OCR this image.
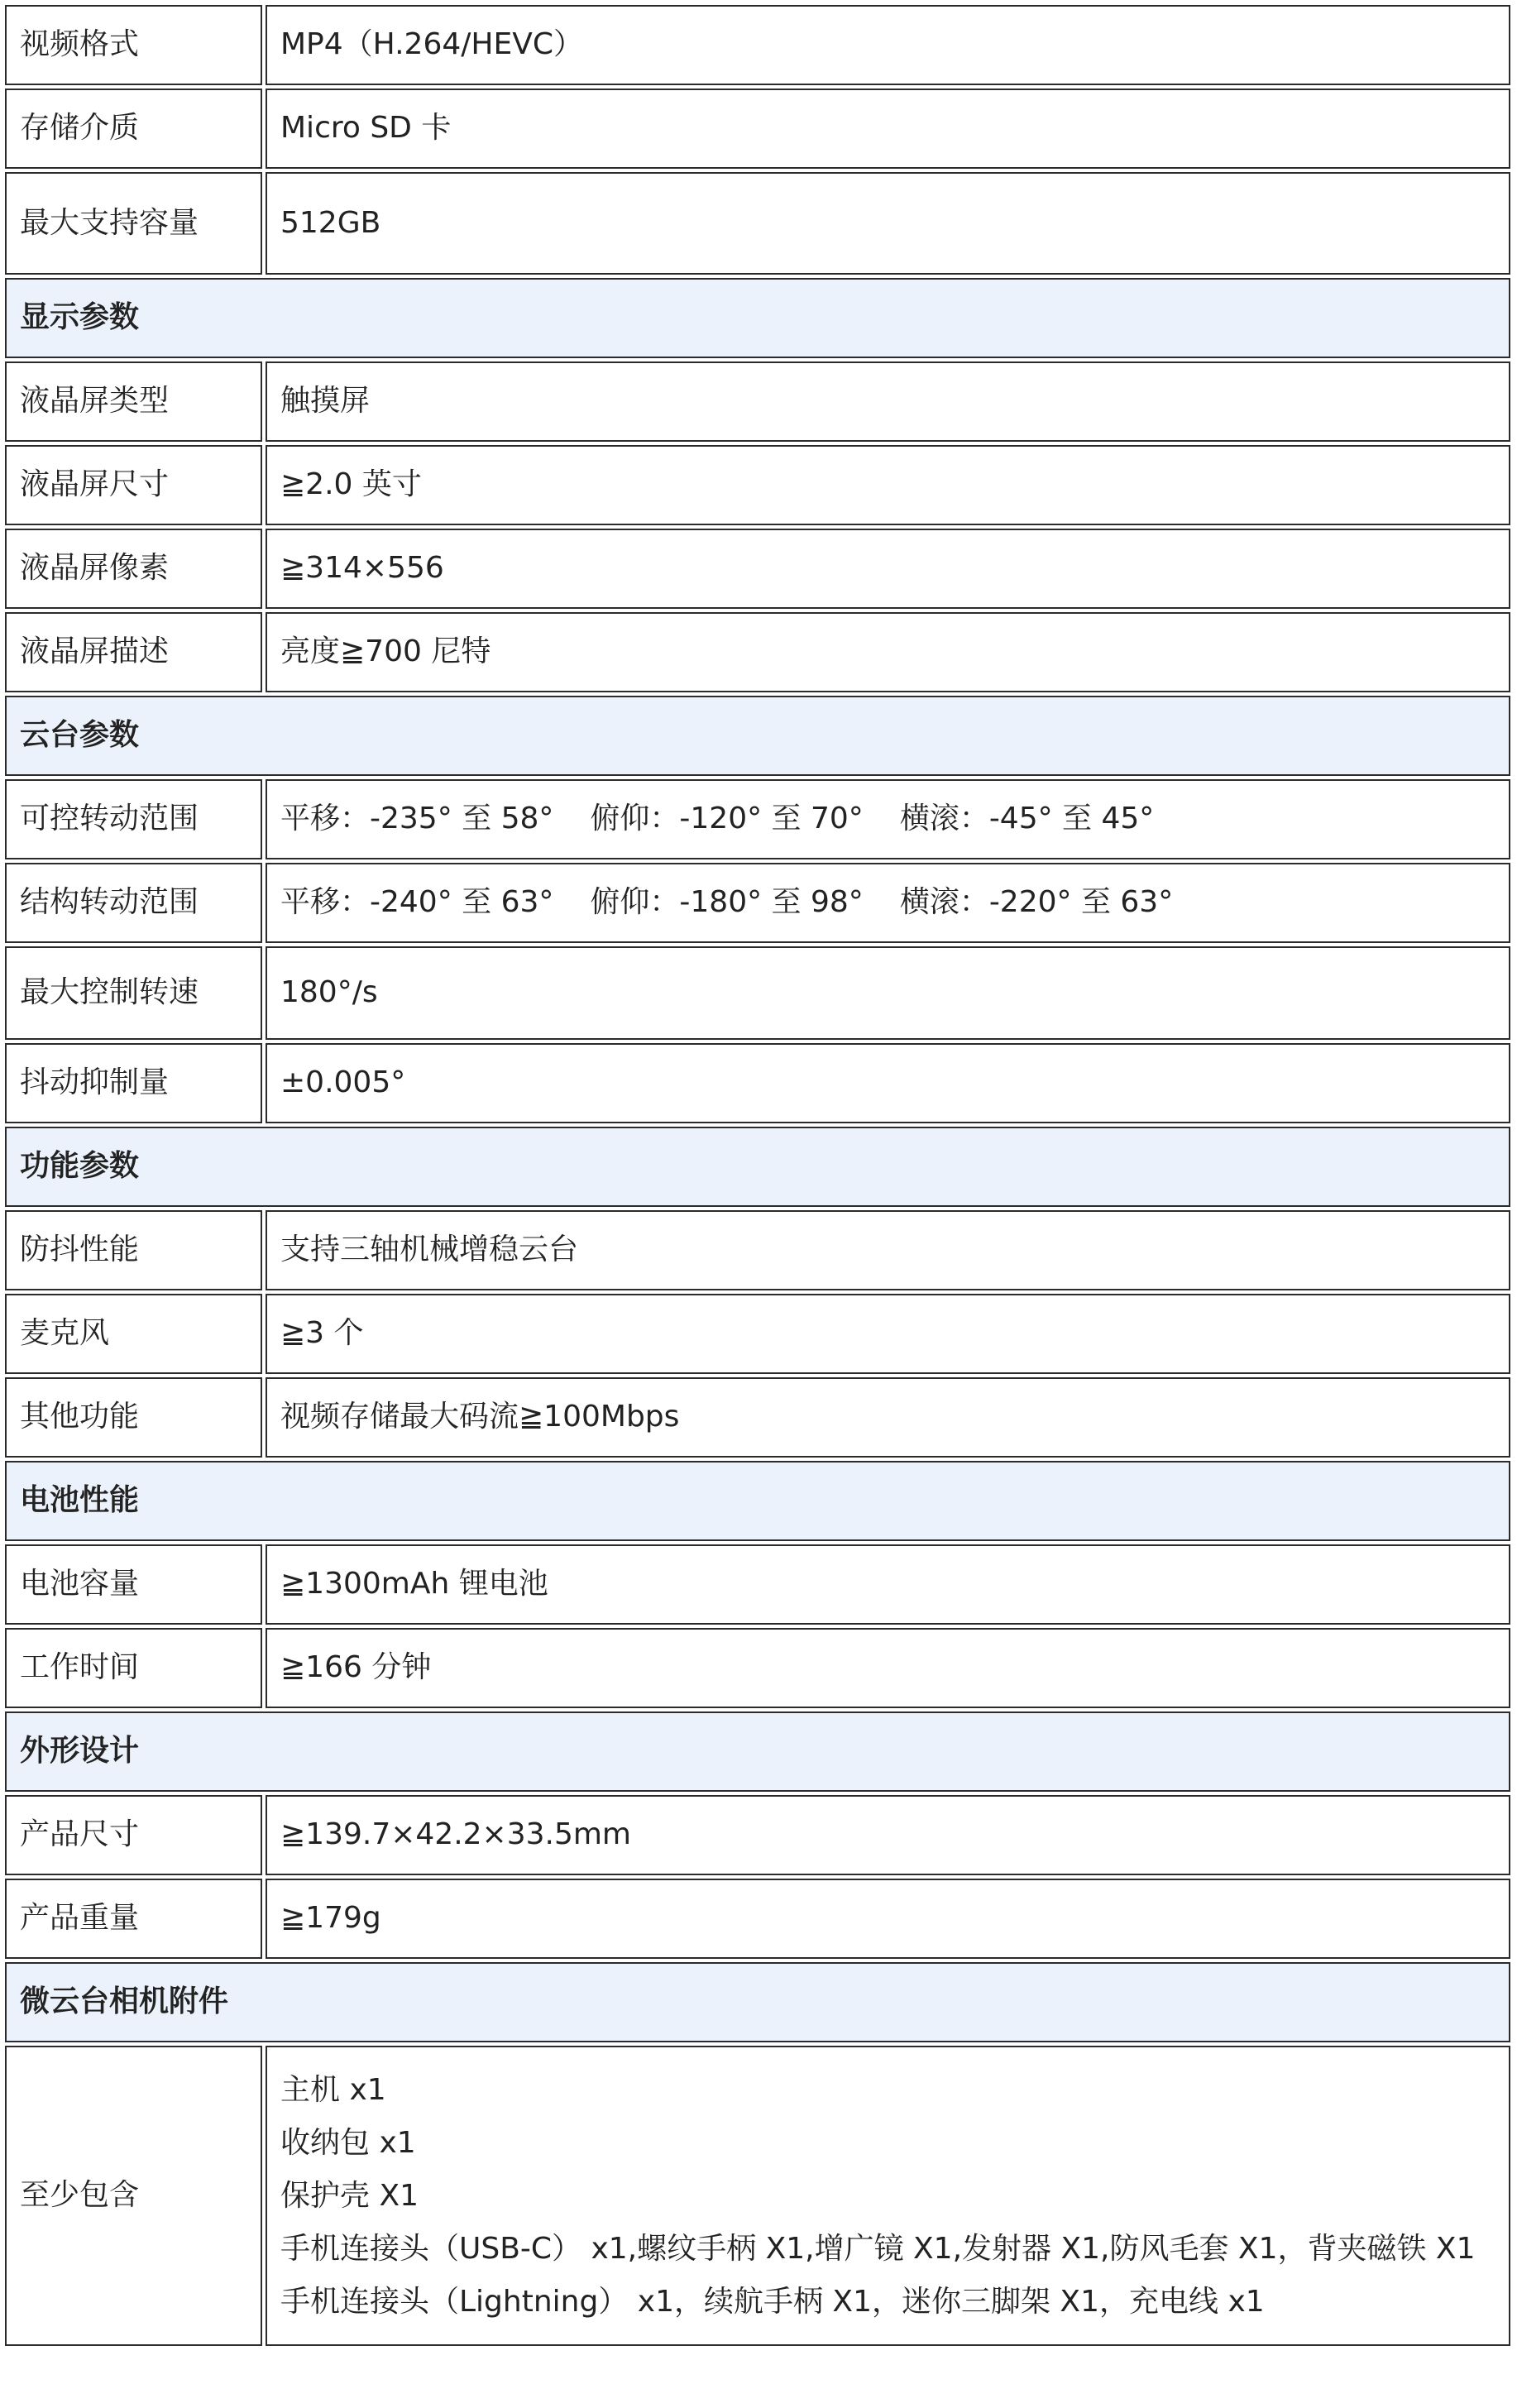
视频格式	MP4（H.264/HEVC）
存储介质	Micro SD 卡
最大支持容量	512GB
显示参数	
液晶屏类型	触摸屏
液晶屏尺寸	≧2.0 英寸
液晶屏像素	≧314×556
液晶屏描述	亮度≧700 尼特
云台参数	
可控转动范围	平移：-235° 至 58° 俯仰：-120° 至 70° 横滚：-45° 至 45°
结构转动范围	平移：-240° 至 63° 俯仰：-180° 至 98° 横滚：-220° 至 63°
最大控制转速	180°/s
抖动抑制量	±0.005°
功能参数	
防抖性能	支持三轴机械增稳云台
麦克风	≧3 个
其他功能	视频存储最大码流≧100Mbps
电池性能	
电池容量	≧1300mAh 锂电池
工作时间	≧166 分钟
外形设计	
产品尺寸	≧139.7×42.2×33.5mm
产品重量	≧179g
微云台相机附件	
至少包含	主机 x1
收纳包 x1
保护壳 X1
手机连接头（USB-C） x1,螺纹手柄 X1,增广镜 X1,发射器 X1,防风毛套 X1，背夹磁铁 X1
手机连接头（Lightning） x1，续航手柄 X1，迷你三脚架 X1，充电线 x1
